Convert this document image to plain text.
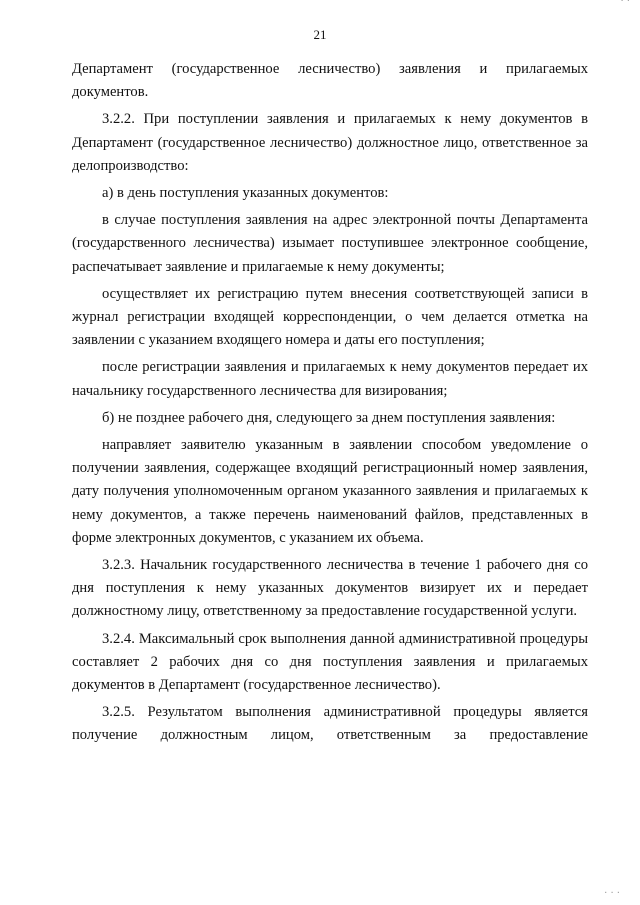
· ·
21

Департамент (государственное лесничество) заявления и прилагаемых документов.

3.2.2. При поступлении заявления и прилагаемых к нему документов в Департамент (государственное лесничество) должностное лицо, ответственное за делопроизводство:

а) в день поступления указанных документов:

в случае поступления заявления на адрес электронной почты Департамента (государственного лесничества) изымает поступившее электронное сообщение, распечатывает заявление и прилагаемые к нему документы;

осуществляет их регистрацию путем внесения соответствующей записи в журнал регистрации входящей корреспонденции, о чем делается отметка на заявлении с указанием входящего номера и даты его поступления;

после регистрации заявления и прилагаемых к нему документов передает их начальнику государственного лесничества для визирования;

б) не позднее рабочего дня, следующего за днем поступления заявления:

направляет заявителю указанным в заявлении способом уведомление о получении заявления, содержащее входящий регистрационный номер заявления, дату получения уполномоченным органом указанного заявления и прилагаемых к нему документов, а также перечень наименований файлов, представленных в форме электронных документов, с указанием их объема.

3.2.3. Начальник государственного лесничества в течение 1 рабочего дня со дня поступления к нему указанных документов визирует их и передает должностному лицу, ответственному за предоставление государственной услуги.

3.2.4. Максимальный срок выполнения данной административной процедуры составляет 2 рабочих дня со дня поступления заявления и прилагаемых документов в Департамент (государственное лесничество).

3.2.5. Результатом выполнения административной процедуры является получение должностным лицом, ответственным за предоставление

· · ·
